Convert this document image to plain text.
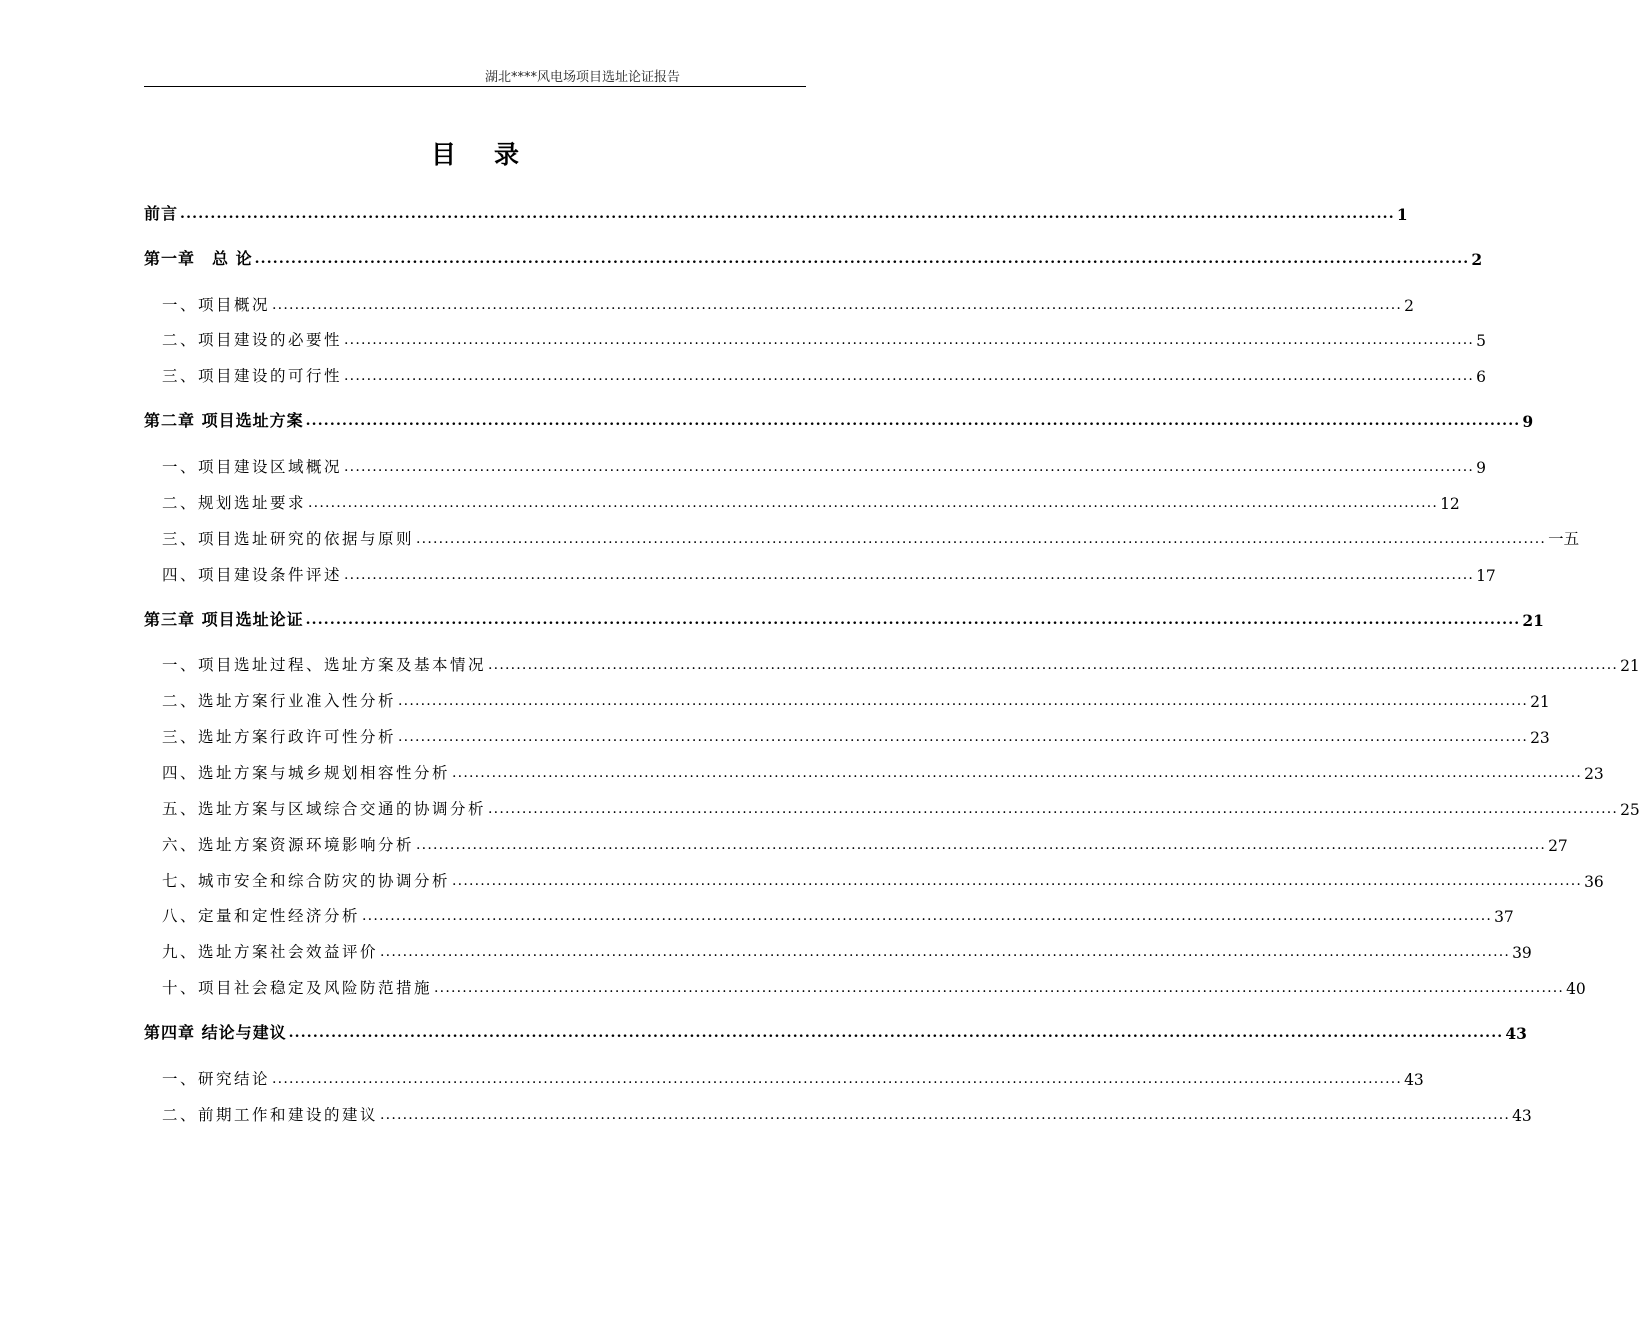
湖北****风电场项目选址论证报告
目录
前言 ........................................................................................................................................................................................................ 1
第一章　总 论 ........................................................................................................................................................................................................ 2
一、项目概况 ........................................................................................................................................................................................................ 2
二、项目建设的必要性 ........................................................................................................................................................................................................ 5
三、项目建设的可行性 ........................................................................................................................................................................................................ 6
第二章 项目选址方案 ........................................................................................................................................................................................................ 9
一、项目建设区域概况 ........................................................................................................................................................................................................ 9
二、规划选址要求 ........................................................................................................................................................................................................ 12
三、项目选址研究的依据与原则 ........................................................................................................................................................................................................ 一五
四、项目建设条件评述 ........................................................................................................................................................................................................ 17
第三章 项目选址论证 ........................................................................................................................................................................................................ 21
一、项目选址过程、选址方案及基本情况 ........................................................................................................................................................................................................ 21
二、选址方案行业准入性分析 ........................................................................................................................................................................................................ 21
三、选址方案行政许可性分析 ........................................................................................................................................................................................................ 23
四、选址方案与城乡规划相容性分析 ........................................................................................................................................................................................................ 23
五、选址方案与区域综合交通的协调分析 ........................................................................................................................................................................................................ 25
六、选址方案资源环境影响分析 ........................................................................................................................................................................................................ 27
七、城市安全和综合防灾的协调分析 ........................................................................................................................................................................................................ 36
八、定量和定性经济分析 ........................................................................................................................................................................................................ 37
九、选址方案社会效益评价 ........................................................................................................................................................................................................ 39
十、项目社会稳定及风险防范措施 ........................................................................................................................................................................................................ 40
第四章 结论与建议 ........................................................................................................................................................................................................ 43
一、研究结论 ........................................................................................................................................................................................................ 43
二、前期工作和建设的建议 ........................................................................................................................................................................................................ 43
